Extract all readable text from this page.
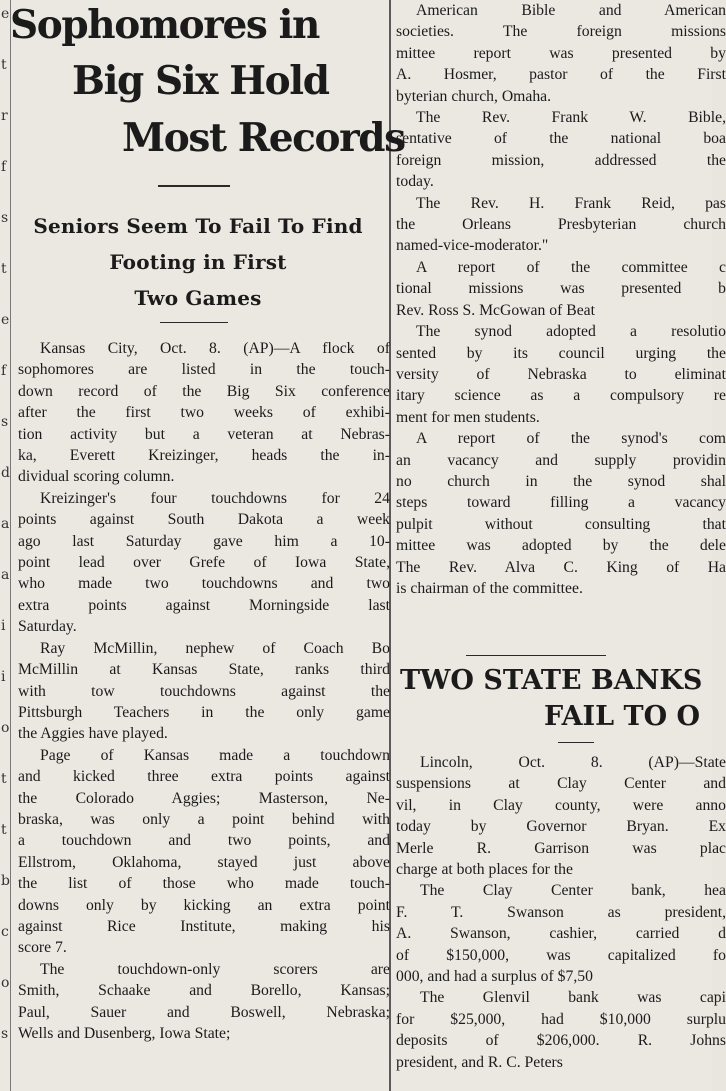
e
t
r
f
s
t
e
f
s
d
a
a
i
i
o
t
t
b
c
o
s
Sophomores in
Big Six Hold
Most Records
Seniors Seem To Fail To Find
Footing in First
Two Games
Kansas City, Oct. 8. (AP)—A flock of
sophomores are listed in the touch-
down record of the Big Six conference
after the first two weeks of exhibi-
tion activity but a veteran at Nebras-
ka, Everett Kreizinger, heads the in-
dividual scoring column.
Kreizinger's four touchdowns for 24
points against South Dakota a week
ago last Saturday gave him a 10-
point lead over Grefe of Iowa State,
who made two touchdowns and two
extra points against Morningside last
Saturday.
Ray McMillin, nephew of Coach Bo
McMillin at Kansas State, ranks third
with tow touchdowns against the
Pittsburgh Teachers in the only game
the Aggies have played.
Page of Kansas made a touchdown
and kicked three extra points against
the Colorado Aggies; Masterson, Ne-
braska, was only a point behind with
a touchdown and two points, and
Ellstrom, Oklahoma, stayed just above
the list of those who made touch-
downs only by kicking an extra point
against Rice Institute, making his
score 7.
The touchdown-only scorers are
Smith, Schaake and Borello, Kansas;
Paul, Sauer and Boswell, Nebraska;
Wells and Dusenberg, Iowa State;
American Bible and American
societies. The foreign missions
mittee report was presented by
A. Hosmer, pastor of the First
byterian church, Omaha.
The Rev. Frank W. Bible,
sentative of the national boa
foreign mission, addressed the
today.
The Rev. H. Frank Reid, pas
the Orleans Presbyterian church
named-vice-moderator."
A report of the committee c
tional missions was presented b
Rev. Ross S. McGowan of Beat
The synod adopted a resolutio
sented by its council urging the
versity of Nebraska to eliminat
itary science as a compulsory re
ment for men students.
A report of the synod's com
an vacancy and supply providin
no church in the synod shal
steps toward filling a vacancy
pulpit without consulting that
mittee was adopted by the dele
The Rev. Alva C. King of Ha
is chairman of the committee.
TWO STATE BANKS
FAIL TO O
Lincoln, Oct. 8. (AP)—State
suspensions at Clay Center and
vil, in Clay county, were anno
today by Governor Bryan. Ex
Merle R. Garrison was plac
charge at both places for the
The Clay Center bank, hea
F. T. Swanson as president,
A. Swanson, cashier, carried d
of $150,000, was capitalized fo
000, and had a surplus of $7,50
The Glenvil bank was capi
for $25,000, had $10,000 surplu
deposits of $206,000. R. Johns
president, and R. C. Peters
